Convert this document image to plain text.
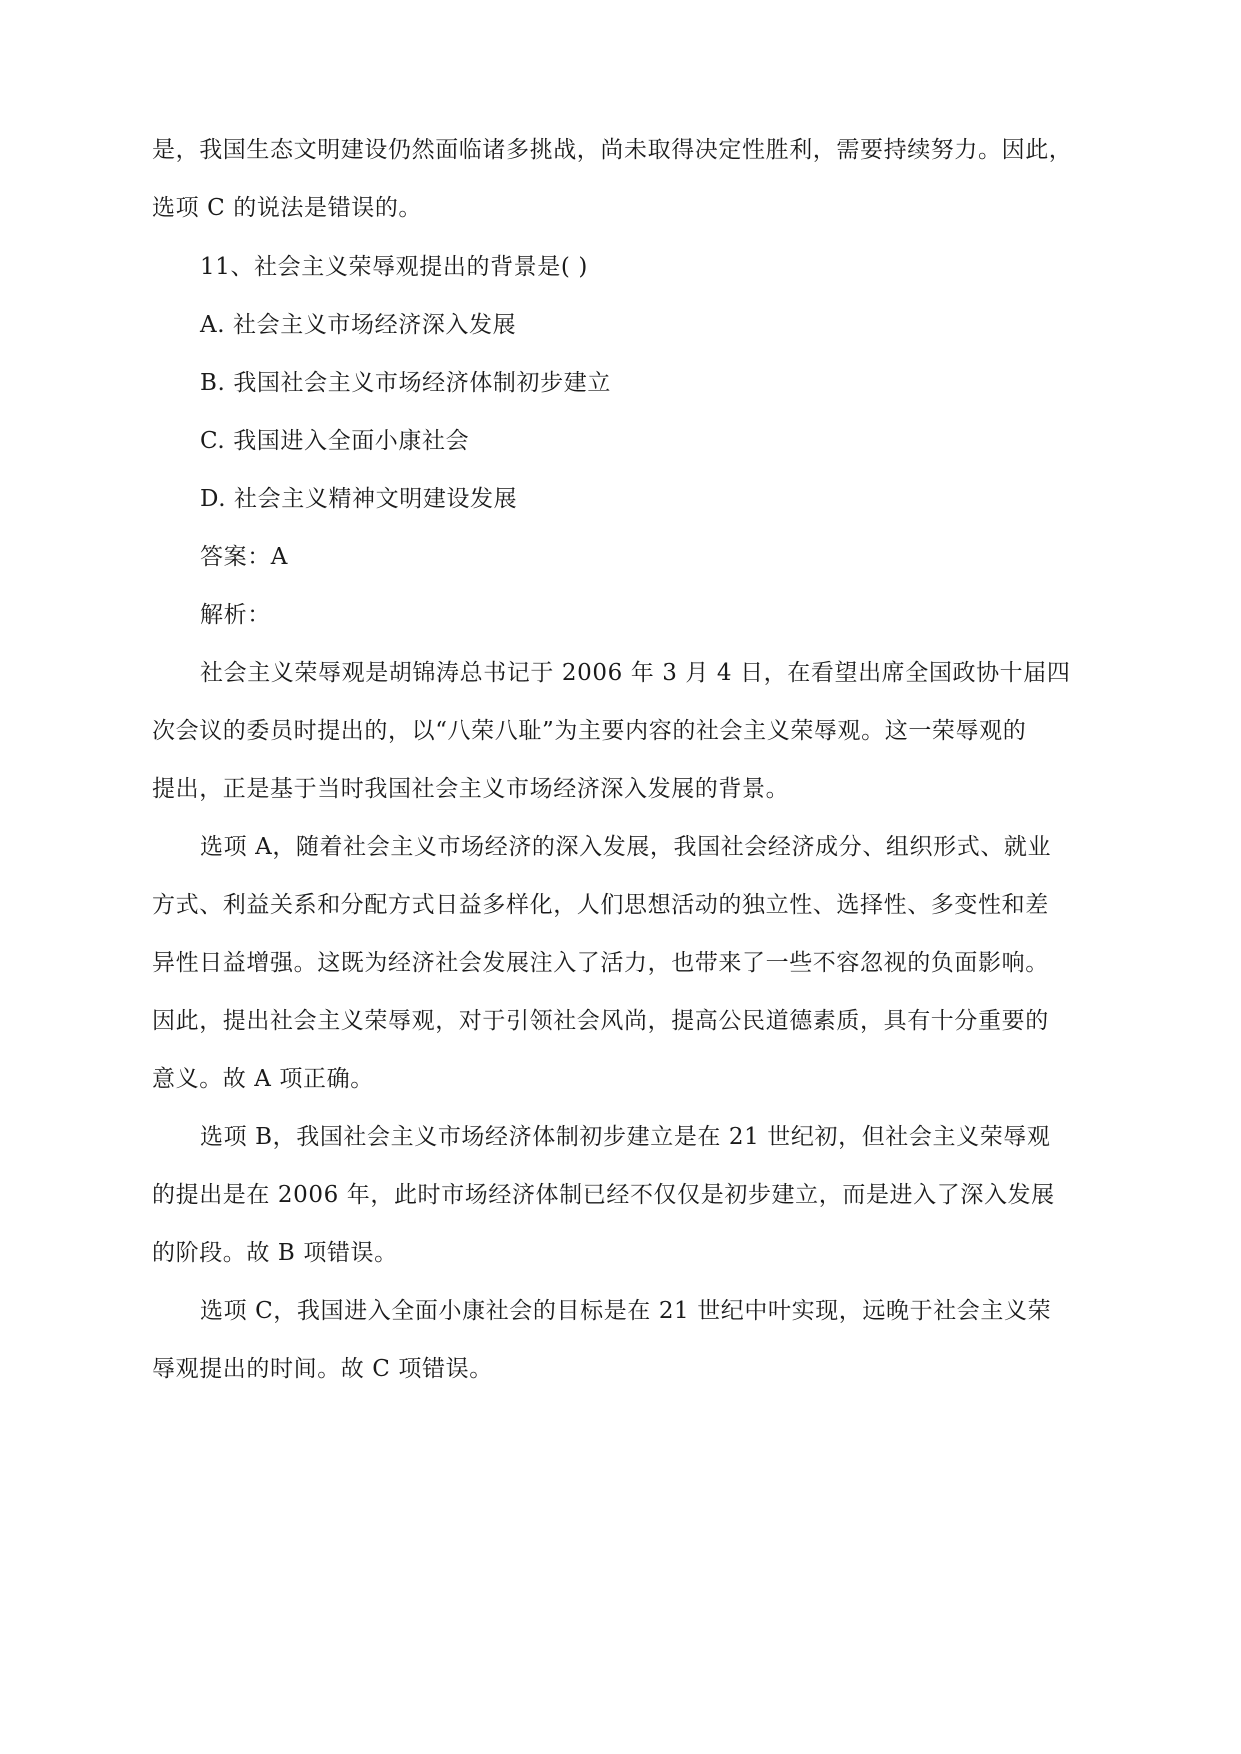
是，我国生态文明建设仍然面临诸多挑战，尚未取得决定性胜利，需要持续努力。因此，
选项 C 的说法是错误的。
11、社会主义荣辱观提出的背景是( )
A. 社会主义市场经济深入发展
B. 我国社会主义市场经济体制初步建立
C. 我国进入全面小康社会
D. 社会主义精神文明建设发展
答案：A
解析：
社会主义荣辱观是胡锦涛总书记于 2006 年 3 月 4 日，在看望出席全国政协十届四
次会议的委员时提出的，以“八荣八耻”为主要内容的社会主义荣辱观。这一荣辱观的
提出，正是基于当时我国社会主义市场经济深入发展的背景。
选项 A，随着社会主义市场经济的深入发展，我国社会经济成分、组织形式、就业
方式、利益关系和分配方式日益多样化，人们思想活动的独立性、选择性、多变性和差
异性日益增强。这既为经济社会发展注入了活力，也带来了一些不容忽视的负面影响。
因此，提出社会主义荣辱观，对于引领社会风尚，提高公民道德素质，具有十分重要的
意义。故 A 项正确。
选项 B，我国社会主义市场经济体制初步建立是在 21 世纪初，但社会主义荣辱观
的提出是在 2006 年，此时市场经济体制已经不仅仅是初步建立，而是进入了深入发展
的阶段。故 B 项错误。
选项 C，我国进入全面小康社会的目标是在 21 世纪中叶实现，远晚于社会主义荣
辱观提出的时间。故 C 项错误。
